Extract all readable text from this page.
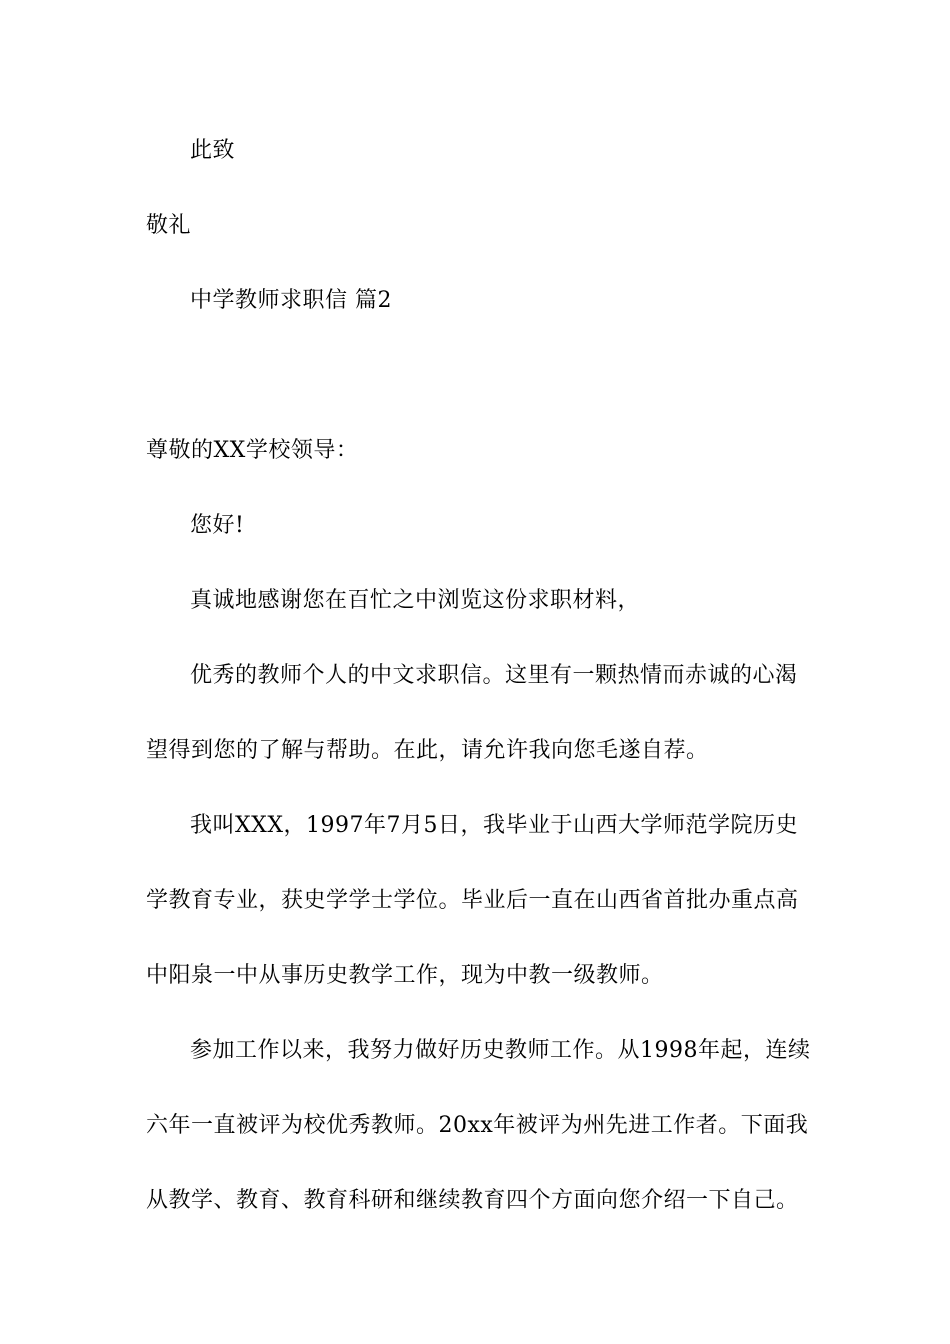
此致
敬礼
中学教师求职信 篇2
尊敬的XX学校领导：
您好!
真诚地感谢您在百忙之中浏览这份求职材料，
优秀的教师个人的中文求职信。这里有一颗热情而赤诚的心渴
望得到您的了解与帮助。在此，请允许我向您毛遂自荐。
我叫XXX，1997年7月5日，我毕业于山西大学师范学院历史
学教育专业，获史学学士学位。毕业后一直在山西省首批办重点高
中阳泉一中从事历史教学工作，现为中教一级教师。
参加工作以来，我努力做好历史教师工作。从1998年起，连续
六年一直被评为校优秀教师。20xx年被评为州先进工作者。下面我
从教学、教育、教育科研和继续教育四个方面向您介绍一下自己。
